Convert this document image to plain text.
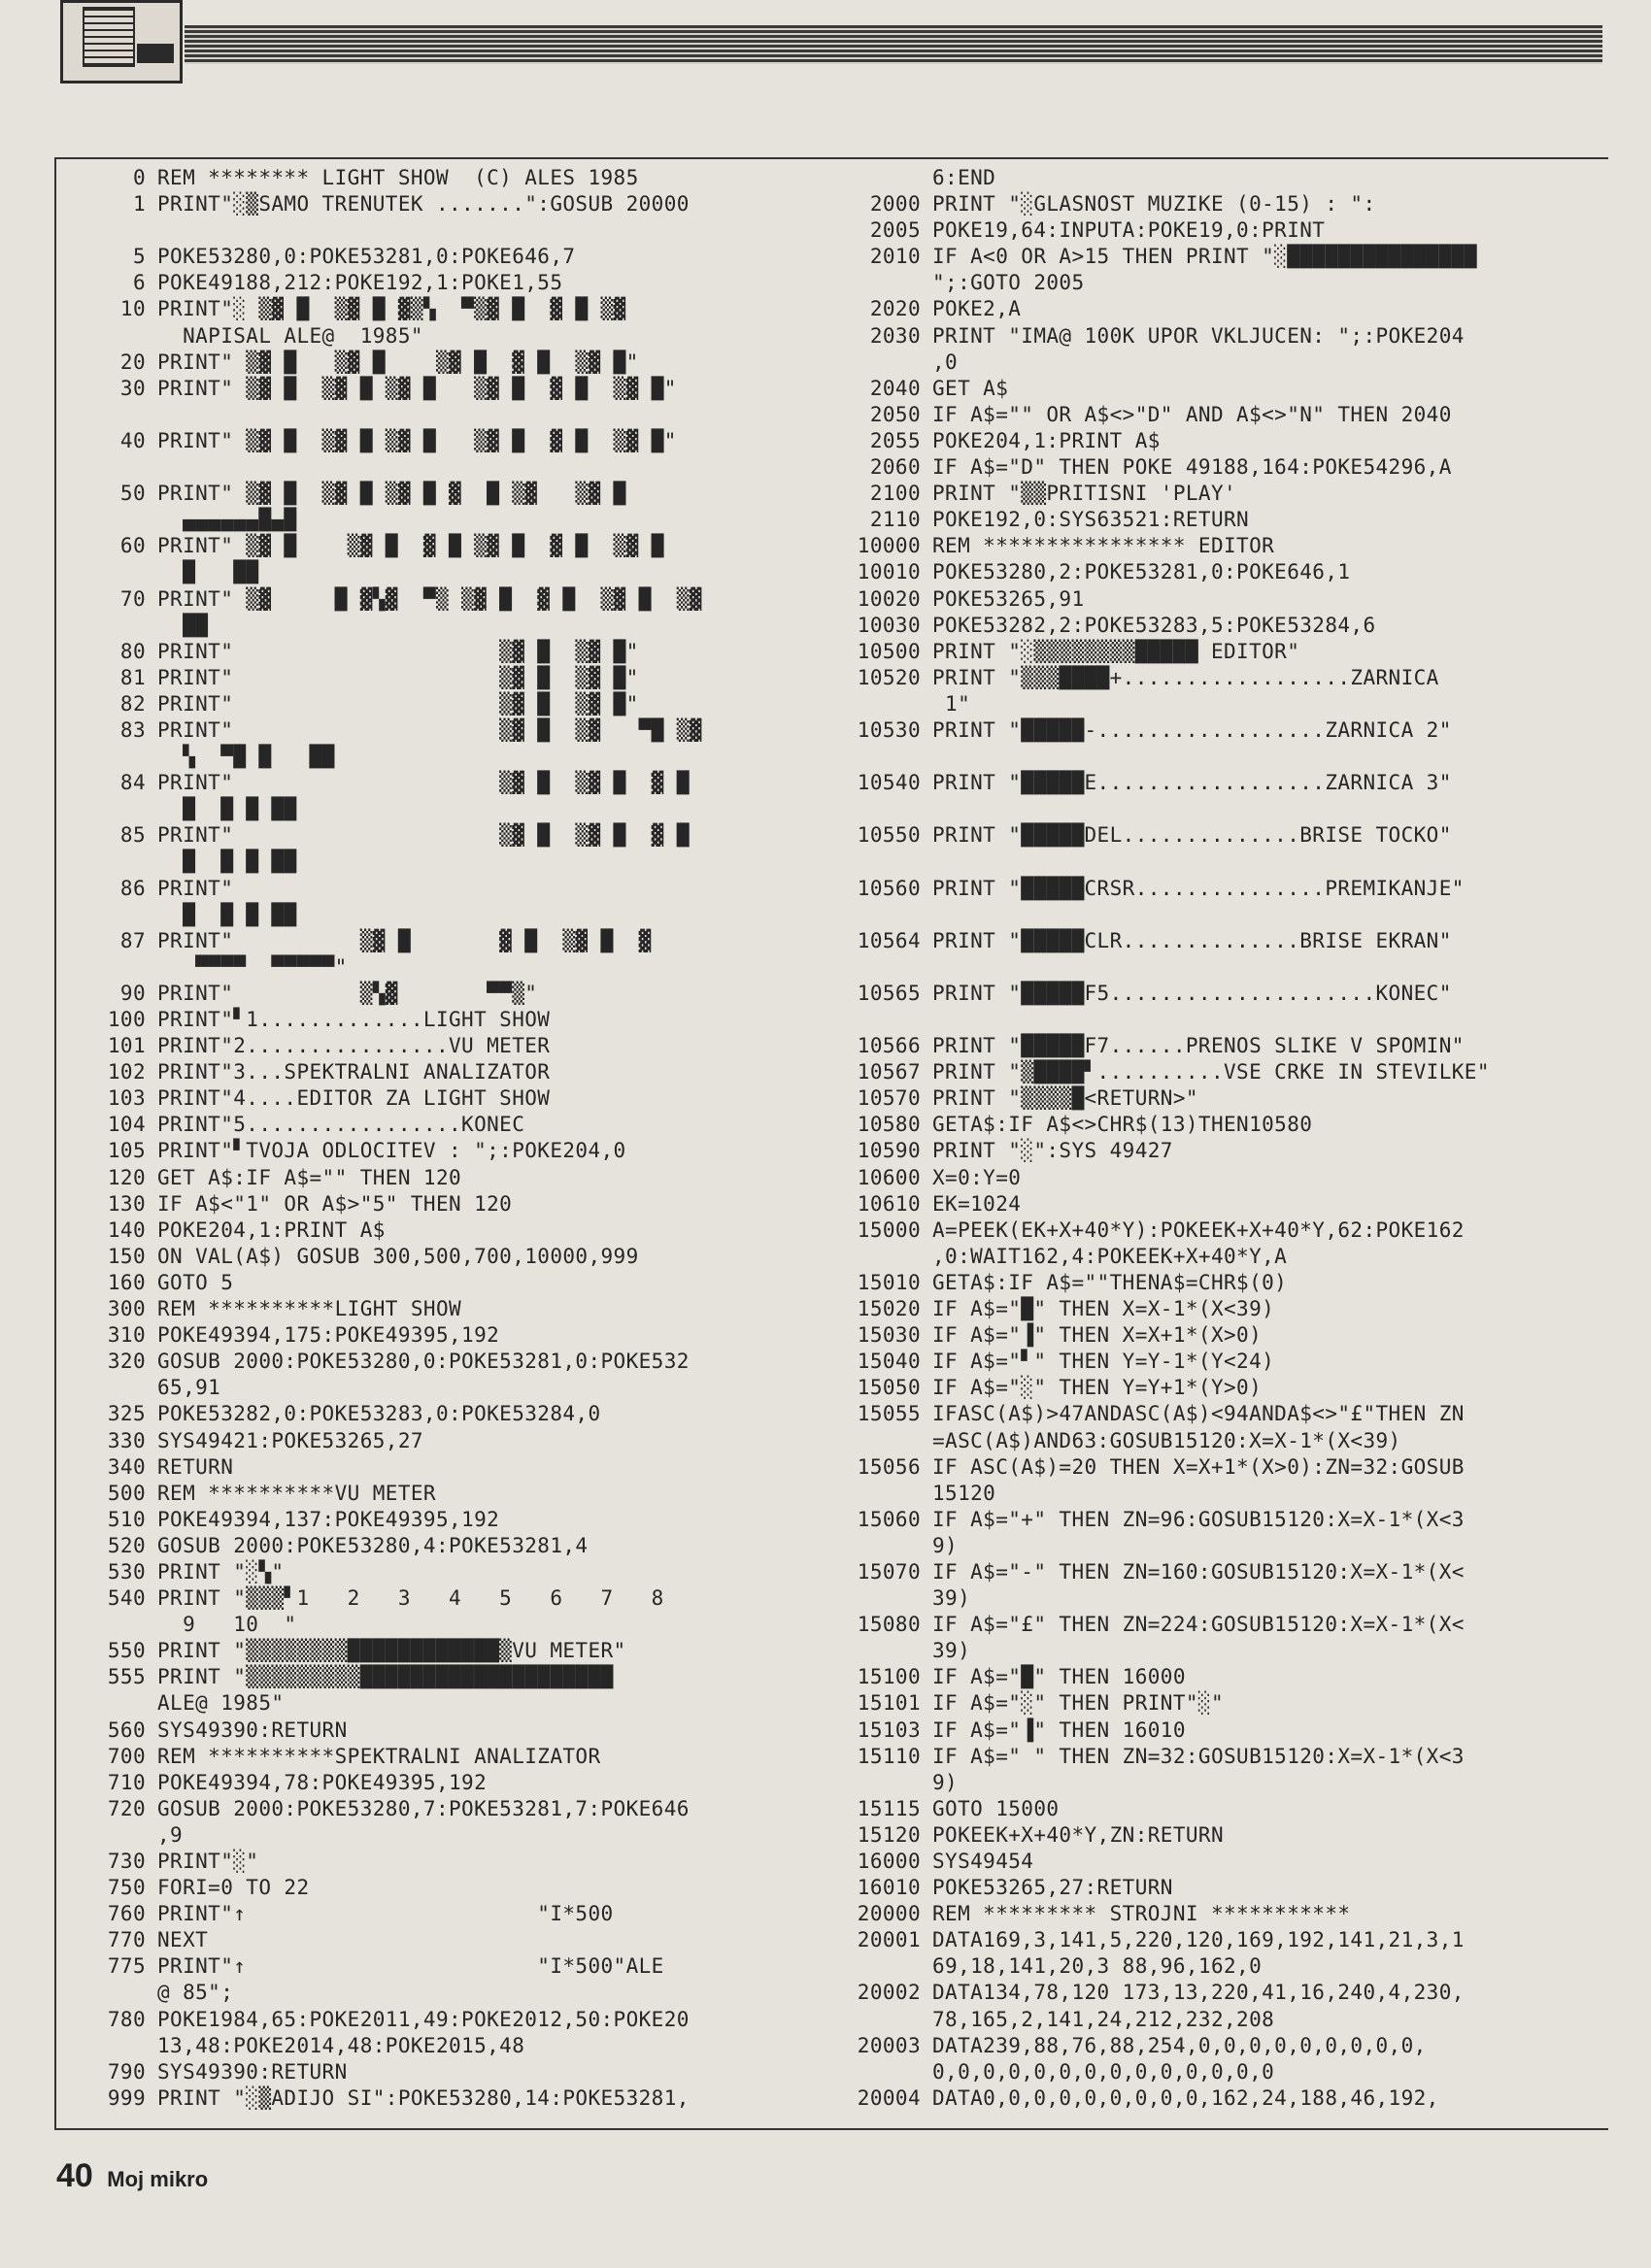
0 REM ******** LIGHT SHOW  (C) ALES 1985
1 PRINT"░▒SAMO TRENUTEK .......":GOSUB 20000
5 POKE53280,0:POKE53281,0:POKE646,7
6 POKE49188,212:POKE192,1:POKE1,55
10 PRINT"░ ▒▓ █  ▒▓ █ ▓▒▚  ▀▒▓ █  ▓ █ ▒▓
NAPISAL ALE@  1985"
20 PRINT" ▒▓ █   ▒▓ █    ▒▓ █  ▓ █  ▒▓ █"
30 PRINT" ▒▓ █  ▒▓ █ ▒▓ █   ▒▓ █  ▓ █  ▒▓ █"
40 PRINT" ▒▓ █  ▒▓ █ ▒▓ █   ▒▓ █  ▓ █  ▒▓ █"
50 PRINT" ▒▓ █  ▒▓ █ ▒▓ █ ▓  █ ▒▓   ▒▓ █
▄▄▄▄▄▄█▄█
60 PRINT" ▒▓ █    ▒▓ █  ▓ █ ▒▓ █  ▓ █  ▒▓ █
█   ██
70 PRINT" ▒▓     █ ▓▚▓  ▀▒ ▒▓ █  ▓ █  ▒▓ █  ▒▓
██
80 PRINT"                     ▒▓ █  ▒▓ █"
81 PRINT"                     ▒▓ █  ▒▓ █"
82 PRINT"                     ▒▓ █  ▒▓ █"
83 PRINT"                     ▒▓ █  ▒▓   ▀█ ▒▓
▚  ▀█ █   ██
84 PRINT"                     ▒▓ █  ▒▓ █  ▓ █
█  █ █ ██
85 PRINT"                     ▒▓ █  ▒▓ █  ▓ █
█  █ █ ██
86 PRINT"
█  █ █ ██
87 PRINT"          ▒▓ █       ▓ █  ▒▓ █  ▓
▀▀▀▀  ▀▀▀▀▀"
90 PRINT"          ▒▚▓       ▀▀▒"
100 PRINT"▘1.............LIGHT SHOW
101 PRINT"2................VU METER
102 PRINT"3...SPEKTRALNI ANALIZATOR
103 PRINT"4....EDITOR ZA LIGHT SHOW
104 PRINT"5.................KONEC
105 PRINT"▘TVOJA ODLOCITEV : ";:POKE204,0
120 GET A$:IF A$="" THEN 120
130 IF A$<"1" OR A$>"5" THEN 120
140 POKE204,1:PRINT A$
150 ON VAL(A$) GOSUB 300,500,700,10000,999
160 GOTO 5
300 REM **********LIGHT SHOW
310 POKE49394,175:POKE49395,192
320 GOSUB 2000:POKE53280,0:POKE53281,0:POKE532
65,91
325 POKE53282,0:POKE53283,0:POKE53284,0
330 SYS49421:POKE53265,27
340 RETURN
500 REM **********VU METER
510 POKE49394,137:POKE49395,192
520 GOSUB 2000:POKE53280,4:POKE53281,4
530 PRINT "░▚"
540 PRINT "▒▒▒▘1   2   3   4   5   6   7   8
9   10  "
550 PRINT "▒▒▒▒▒▒▒▒████████████▒VU METER"
555 PRINT "▒▒▒▒▒▒▒▒▒████████████████████
ALE@ 1985"
560 SYS49390:RETURN
700 REM **********SPEKTRALNI ANALIZATOR
710 POKE49394,78:POKE49395,192
720 GOSUB 2000:POKE53280,7:POKE53281,7:POKE646
,9
730 PRINT"░"
750 FORI=0 TO 22
760 PRINT"↑                       "I*500
770 NEXT
775 PRINT"↑                       "I*500"ALE
@ 85";
780 POKE1984,65:POKE2011,49:POKE2012,50:POKE20
13,48:POKE2014,48:POKE2015,48
790 SYS49390:RETURN
999 PRINT "░▒ADIJO SI":POKE53280,14:POKE53281,
6:END
2000 PRINT "░GLASNOST MUZIKE (0-15) : ":
2005 POKE19,64:INPUTA:POKE19,0:PRINT
2010 IF A<0 OR A>15 THEN PRINT "░███████████████
";:GOTO 2005
2020 POKE2,A
2030 PRINT "IMA@ 100K UPOR VKLJUCEN: ";:POKE204
,0
2040 GET A$
2050 IF A$="" OR A$<>"D" AND A$<>"N" THEN 2040
2055 POKE204,1:PRINT A$
2060 IF A$="D" THEN POKE 49188,164:POKE54296,A
2100 PRINT "▒▒PRITISNI 'PLAY'
2110 POKE192,0:SYS63521:RETURN
10000 REM **************** EDITOR
10010 POKE53280,2:POKE53281,0:POKE646,1
10020 POKE53265,91
10030 POKE53282,2:POKE53283,5:POKE53284,6
10500 PRINT "░▒▒▒▒▒▒▒▒█████ EDITOR"
10520 PRINT "▒▒▒████+..................ZARNICA
1"
10530 PRINT "█████-..................ZARNICA 2"
10540 PRINT "█████E..................ZARNICA 3"
10550 PRINT "█████DEL..............BRISE TOCKO"
10560 PRINT "█████CRSR...............PREMIKANJE"
10564 PRINT "█████CLR..............BRISE EKRAN"
10565 PRINT "█████F5.....................KONEC"
10566 PRINT "█████F7......PRENOS SLIKE V SPOMIN"
10567 PRINT "▒████▘..........VSE CRKE IN STEVILKE"
10570 PRINT "▒▒▒▒█<RETURN>"
10580 GETA$:IF A$<>CHR$(13)THEN10580
10590 PRINT "░":SYS 49427
10600 X=0:Y=0
10610 EK=1024
15000 A=PEEK(EK+X+40*Y):POKEEK+X+40*Y,62:POKE162
,0:WAIT162,4:POKEEK+X+40*Y,A
15010 GETA$:IF A$=""THENA$=CHR$(0)
15020 IF A$="█" THEN X=X-1*(X<39)
15030 IF A$="▐" THEN X=X+1*(X>0)
15040 IF A$="▘" THEN Y=Y-1*(Y<24)
15050 IF A$="░" THEN Y=Y+1*(Y>0)
15055 IFASC(A$)>47ANDASC(A$)<94ANDA$<>"£"THEN ZN
=ASC(A$)AND63:GOSUB15120:X=X-1*(X<39)
15056 IF ASC(A$)=20 THEN X=X+1*(X>0):ZN=32:GOSUB
15120
15060 IF A$="+" THEN ZN=96:GOSUB15120:X=X-1*(X<3
9)
15070 IF A$="-" THEN ZN=160:GOSUB15120:X=X-1*(X<
39)
15080 IF A$="£" THEN ZN=224:GOSUB15120:X=X-1*(X<
39)
15100 IF A$="█" THEN 16000
15101 IF A$="░" THEN PRINT"░"
15103 IF A$="▐" THEN 16010
15110 IF A$=" " THEN ZN=32:GOSUB15120:X=X-1*(X<3
9)
15115 GOTO 15000
15120 POKEEK+X+40*Y,ZN:RETURN
16000 SYS49454
16010 POKE53265,27:RETURN
20000 REM ********* STROJNI ***********
20001 DATA169,3,141,5,220,120,169,192,141,21,3,1
69,18,141,20,3 88,96,162,0
20002 DATA134,78,120 173,13,220,41,16,240,4,230,
78,165,2,141,24,212,232,208
20003 DATA239,88,76,88,254,0,0,0,0,0,0,0,0,0,
0,0,0,0,0,0,0,0,0,0,0,0,0,0
20004 DATA0,0,0,0,0,0,0,0,0,162,24,188,46,192,
40 Moj mikro
